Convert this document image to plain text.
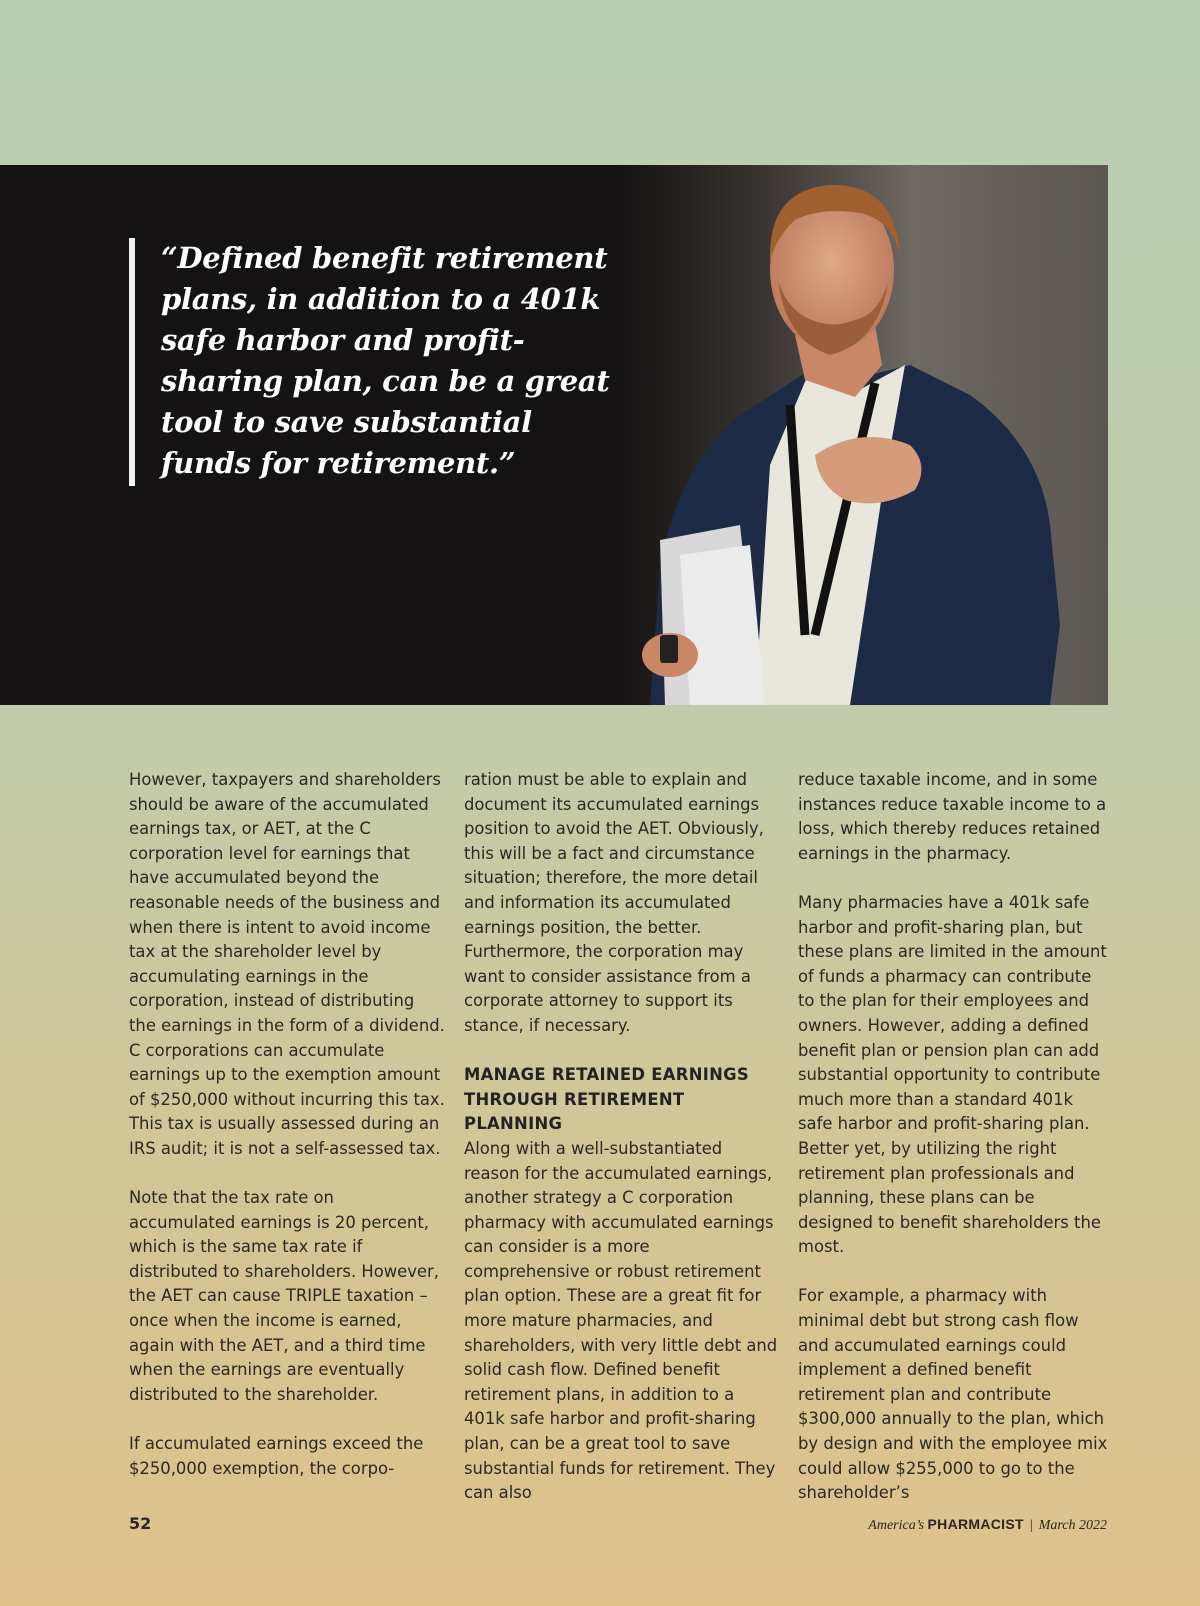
“Defined benefit retirement plans, in addition to a 401k safe harbor and profit-sharing plan, can be a great tool to save substantial funds for retirement.”

However, taxpayers and shareholders should be aware of the accumulated earnings tax, or AET, at the C corporation level for earnings that have accumulated beyond the reasonable needs of the business and when there is intent to avoid income tax at the shareholder level by accumulating earnings in the corporation, instead of distributing the earnings in the form of a dividend. C corporations can accumulate earnings up to the exemption amount of $250,000 without incurring this tax. This tax is usually assessed during an IRS audit; it is not a self-assessed tax.

Note that the tax rate on accumulated earnings is 20 percent, which is the same tax rate if distributed to shareholders. However, the AET can cause TRIPLE taxation – once when the income is earned, again with the AET, and a third time when the earnings are eventually distributed to the shareholder.

If accumulated earnings exceed the $250,000 exemption, the corpo-

ration must be able to explain and document its accumulated earnings position to avoid the AET. Obviously, this will be a fact and circumstance situation; therefore, the more detail and information its accumulated earnings position, the better. Furthermore, the corporation may want to consider assistance from a corporate attorney to support its stance, if necessary.

MANAGE RETAINED EARNINGS THROUGH RETIREMENT PLANNING

Along with a well-substantiated reason for the accumulated earnings, another strategy a C corporation pharmacy with accumulated earnings can consider is a more comprehensive or robust retirement plan option. These are a great fit for more mature pharmacies, and shareholders, with very little debt and solid cash flow. Defined benefit retirement plans, in addition to a 401k safe harbor and profit-sharing plan, can be a great tool to save substantial funds for retirement. They can also

reduce taxable income, and in some instances reduce taxable income to a loss, which thereby reduces retained earnings in the pharmacy.

Many pharmacies have a 401k safe harbor and profit-sharing plan, but these plans are limited in the amount of funds a pharmacy can contribute to the plan for their employees and owners. However, adding a defined benefit plan or pension plan can add substantial opportunity to contribute much more than a standard 401k safe harbor and profit-sharing plan. Better yet, by utilizing the right retirement plan professionals and planning, these plans can be designed to benefit shareholders the most.

For example, a pharmacy with minimal debt but strong cash flow and accumulated earnings could implement a defined benefit retirement plan and contribute $300,000 annually to the plan, which by design and with the employee mix could allow $255,000 to go to the shareholder’s

52	America’s PHARMACIST | March 2022
